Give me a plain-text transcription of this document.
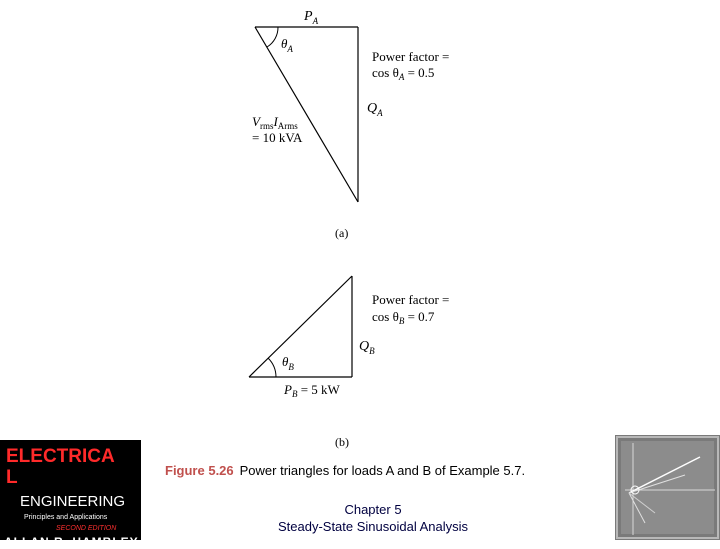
$P_A$
$\theta_A$	Power factor =
$\cos \theta_A = 0.5$
$Q_A$
$V_{rms}I_{Arms}$
= 10 kVA
(a)
Power factor =
$\cos \theta_B = 0.7$
$Q_B$
$\theta_B$
$P_B = 5$ kW
(b)
Figure 5.26 Power triangles for loads A and B of Example 5.7.
ELECTRICA
L
ENGINEERING
Principles and Applications
SECOND EDITION
ALLAN R. HAMBLEY
Chapter 5
Steady-State Sinusoidal Analysis
